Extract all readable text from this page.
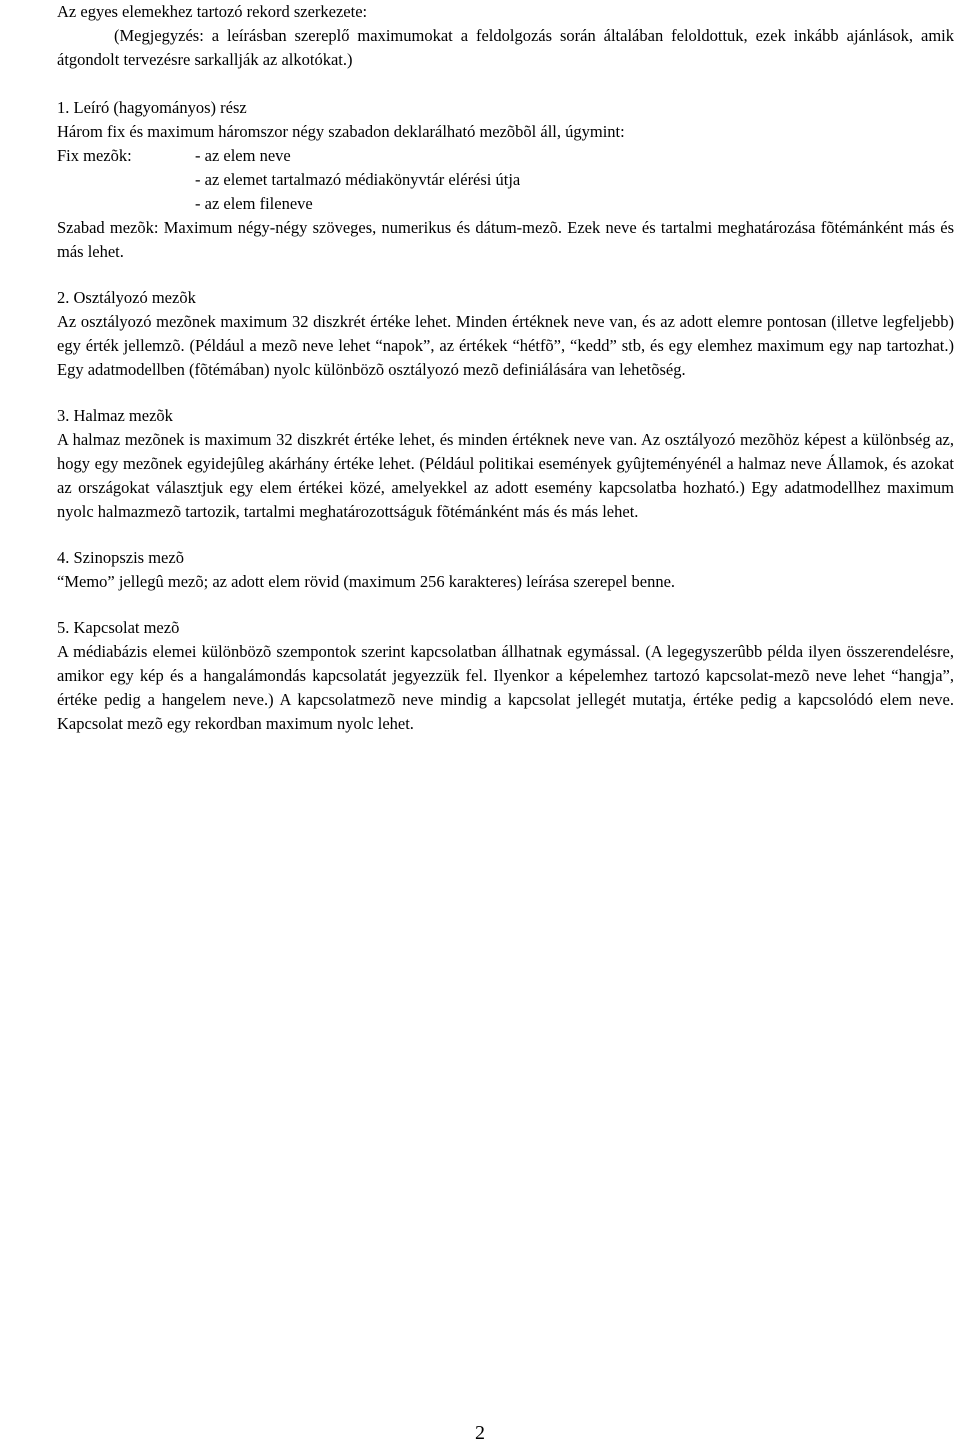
Az egyes elemekhez tartozó rekord szerkezete:

(Megjegyzés: a leírásban szereplő maximumokat a feldolgozás során általában feloldottuk, ezek inkább ajánlások, amik átgondolt tervezésre sarkallják az alkotókat.)

1. Leíró (hagyományos) rész

Három fix és maximum háromszor négy szabadon deklarálható mezõbõl áll, úgymint:

Fix mezõk:	- az elem neve
- az elemet tartalmazó médiakönyvtár elérési útja
- az elem fileneve

Szabad mezõk: Maximum négy-négy szöveges, numerikus és dátum-mezõ. Ezek neve és tartalmi meghatározása fõtémánként más és más lehet.

2. Osztályozó mezõk

Az osztályozó mezõnek maximum 32 diszkrét értéke lehet. Minden értéknek neve van, és az adott elemre pontosan (illetve legfeljebb) egy érték jellemzõ. (Például a mezõ neve lehet “napok”, az értékek “hétfõ”, “kedd” stb, és egy elemhez maximum egy nap tartozhat.) Egy adatmodellben (fõtémában) nyolc különbözõ osztályozó mezõ definiálására van lehetõség.

3. Halmaz mezõk

A halmaz mezõnek is maximum 32 diszkrét értéke lehet, és minden értéknek neve van. Az osztályozó mezõhöz képest a különbség az, hogy egy mezõnek egyidejûleg akárhány értéke lehet. (Például politikai események gyûjteményénél a halmaz neve Államok, és azokat az országokat választjuk egy elem értékei közé, amelyekkel az adott esemény kapcsolatba hozható.) Egy adatmodellhez maximum nyolc halmazmezõ tartozik, tartalmi meghatározottságuk fõtémánként más és más lehet.

4. Szinopszis mezõ

“Memo” jellegû mezõ; az adott elem rövid (maximum 256 karakteres) leírása szerepel benne.

5. Kapcsolat mezõ

A médiabázis elemei különbözõ szempontok szerint kapcsolatban állhatnak egymással. (A legegyszerûbb példa ilyen összerendelésre, amikor egy kép és a hangalámondás kapcsolatát jegyezzük fel. Ilyenkor a képelemhez tartozó kapcsolat-mezõ neve lehet “hangja”, értéke pedig a hangelem neve.) A kapcsolatmezõ neve mindig a kapcsolat jellegét mutatja, értéke pedig a kapcsolódó elem neve. Kapcsolat mezõ egy rekordban maximum nyolc lehet.

2
